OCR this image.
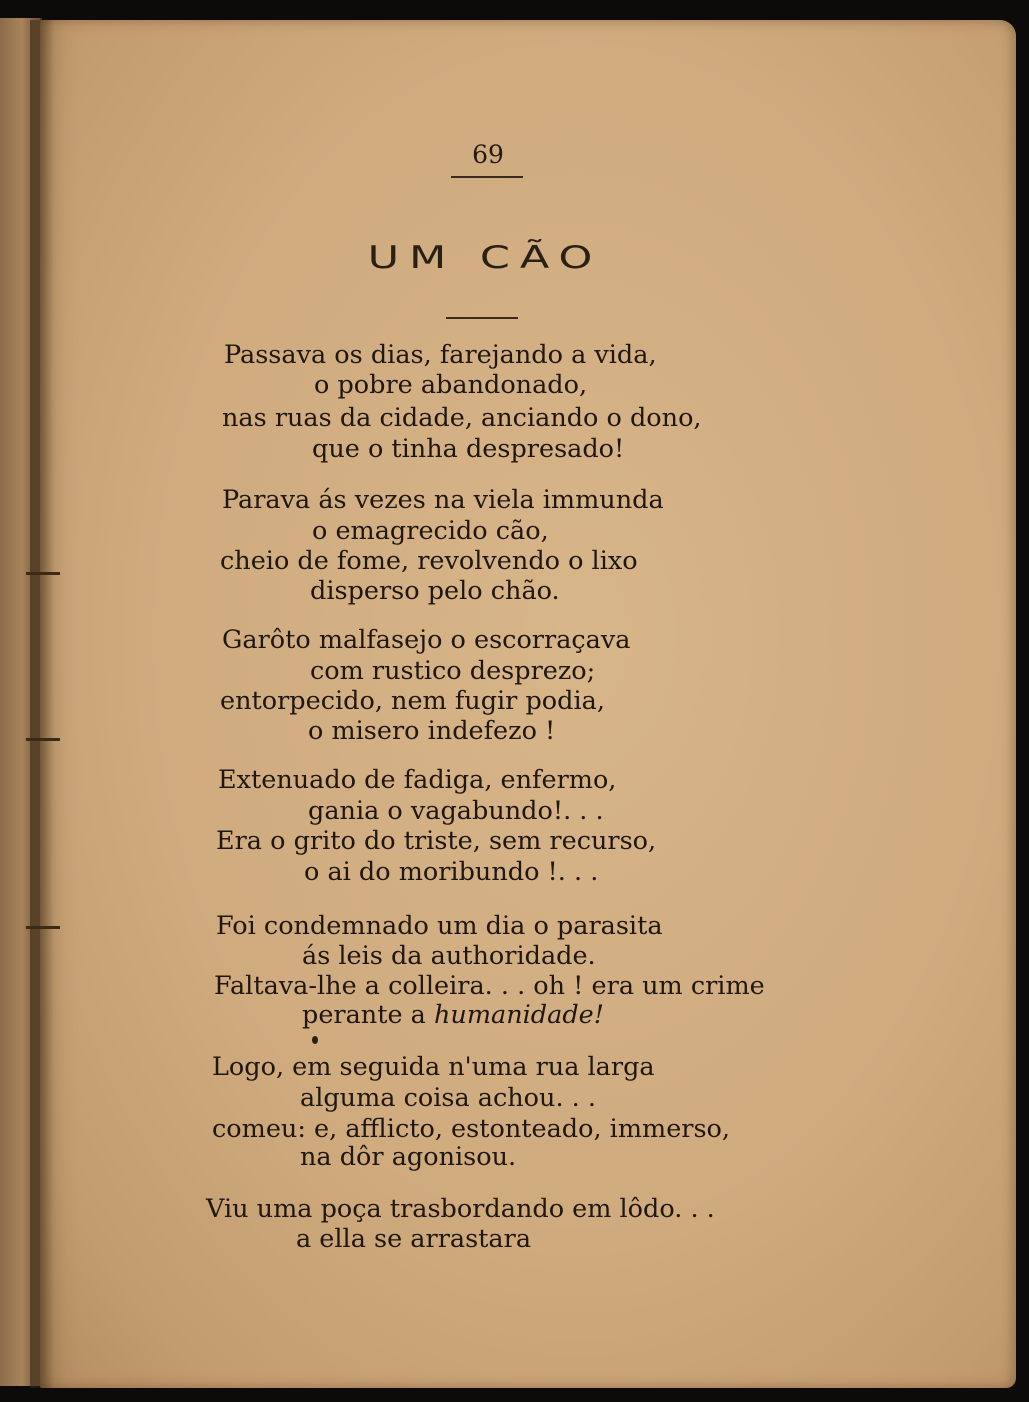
69
UM CÃO
Passava os dias, farejando a vida,
o pobre abandonado,
nas ruas da cidade, anciando o dono,
que o tinha despresado!
Parava ás vezes na viela immunda
o emagrecido cão,
cheio de fome, revolvendo o lixo
disperso pelo chão.
Garôto malfasejo o escorraçava
com rustico desprezo;
entorpecido, nem fugir podia,
o misero indefezo !
Extenuado de fadiga, enfermo,
gania o vagabundo!. . .
Era o grito do triste, sem recurso,
o ai do moribundo !. . .
Foi condemnado um dia o parasita
ás leis da authoridade.
Faltava-lhe a colleira. . . oh ! era um crime
perante a humanidade!
Logo, em seguida n'uma rua larga
alguma coisa achou. . .
comeu: e, afflicto, estonteado, immerso,
na dôr agonisou.
Viu uma poça trasbordando em lôdo. . .
a ella se arrastara
